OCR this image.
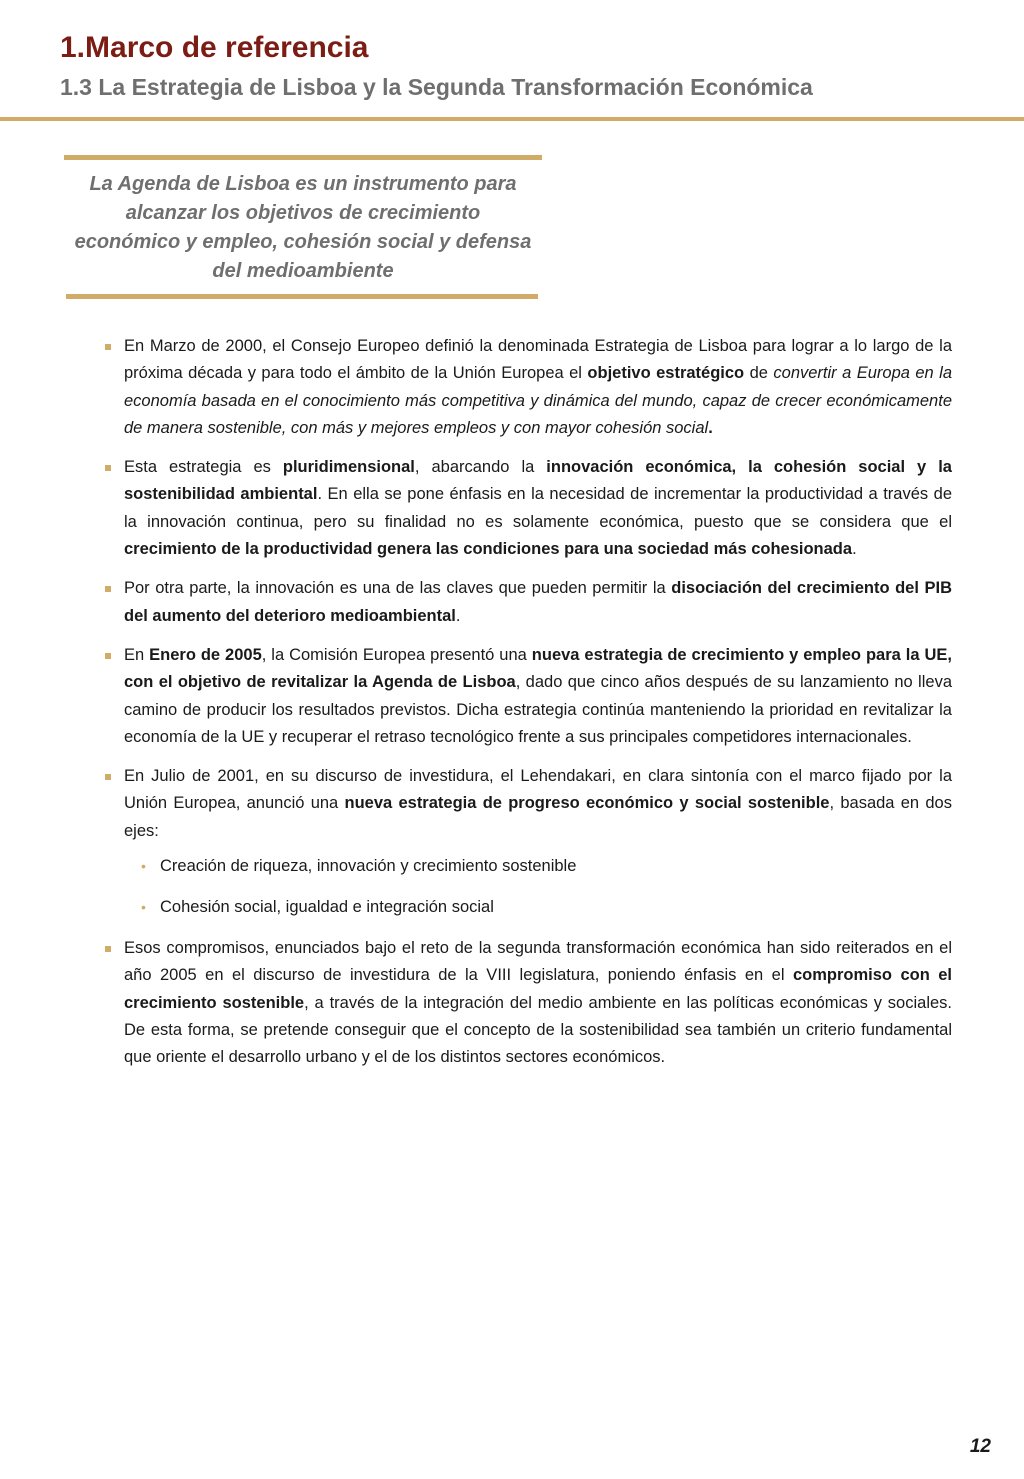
1.Marco de referencia
1.3 La Estrategia de Lisboa y la Segunda Transformación Económica

La Agenda de Lisboa es un instrumento para alcanzar los objetivos de crecimiento económico y empleo, cohesión social y defensa del medioambiente

En Marzo de 2000, el Consejo Europeo definió la denominada Estrategia de Lisboa para lograr a lo largo de la próxima década y para todo el ámbito de la Unión Europea el objetivo estratégico de convertir a Europa en la economía basada en el conocimiento más competitiva y dinámica del mundo, capaz de crecer económicamente de manera sostenible, con más y mejores empleos y con mayor cohesión social.
Esta estrategia es pluridimensional, abarcando la innovación económica, la cohesión social y la sostenibilidad ambiental. En ella se pone énfasis en la necesidad de incrementar la productividad a través de la innovación continua, pero su finalidad no es solamente económica, puesto que se considera que el crecimiento de la productividad genera las condiciones para una sociedad más cohesionada.
Por otra parte, la innovación es una de las claves que pueden permitir la disociación del crecimiento del PIB del aumento del deterioro medioambiental.
En Enero de 2005, la Comisión Europea presentó una nueva estrategia de crecimiento y empleo para la UE, con el objetivo de revitalizar la Agenda de Lisboa, dado que cinco años después de su lanzamiento no lleva camino de producir los resultados previstos. Dicha estrategia continúa manteniendo la prioridad en revitalizar la economía de la UE y recuperar el retraso tecnológico frente a sus principales competidores internacionales.
En Julio de 2001, en su discurso de investidura, el Lehendakari, en clara sintonía con el marco fijado por la Unión Europea, anunció una nueva estrategia de progreso económico y social sostenible, basada en dos ejes:
• Creación de riqueza, innovación y crecimiento sostenible
• Cohesión social, igualdad e integración social
Esos compromisos, enunciados bajo el reto de la segunda transformación económica han sido reiterados en el año 2005 en el discurso de investidura de la VIII legislatura, poniendo énfasis en el compromiso con el crecimiento sostenible, a través de la integración del medio ambiente en las políticas económicas y sociales. De esta forma, se pretende conseguir que el concepto de la sostenibilidad sea también un criterio fundamental que oriente el desarrollo urbano y el de los distintos sectores económicos.
12
